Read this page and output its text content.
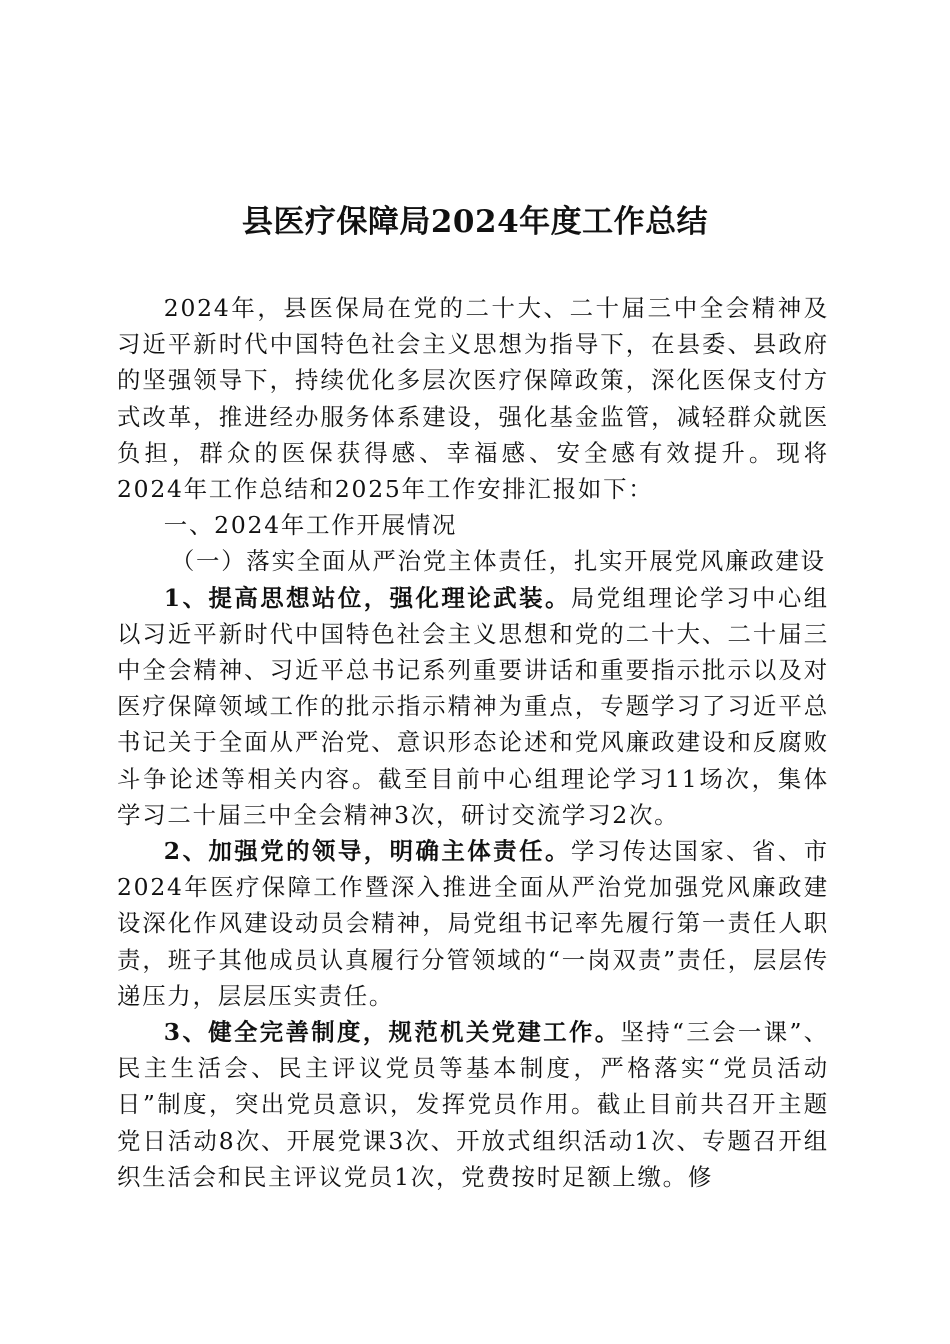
县医疗保障局2024年度工作总结

2024年，县医保局在党的二十大、二十届三中全会精神及习近平新时代中国特色社会主义思想为指导下，在县委、县政府的坚强领导下，持续优化多层次医疗保障政策，深化医保支付方式改革，推进经办服务体系建设，强化基金监管，减轻群众就医负担，群众的医保获得感、幸福感、安全感有效提升。现将2024年工作总结和2025年工作安排汇报如下：

一、2024年工作开展情况

（一）落实全面从严治党主体责任，扎实开展党风廉政建设

1、提高思想站位，强化理论武装。局党组理论学习中心组以习近平新时代中国特色社会主义思想和党的二十大、二十届三中全会精神、习近平总书记系列重要讲话和重要指示批示以及对医疗保障领域工作的批示指示精神为重点，专题学习了习近平总书记关于全面从严治党、意识形态论述和党风廉政建设和反腐败斗争论述等相关内容。截至目前中心组理论学习11场次，集体学习二十届三中全会精神3次，研讨交流学习2次。

2、加强党的领导，明确主体责任。学习传达国家、省、市2024年医疗保障工作暨深入推进全面从严治党加强党风廉政建设深化作风建设动员会精神，局党组书记率先履行第一责任人职责，班子其他成员认真履行分管领域的“一岗双责”责任，层层传递压力，层层压实责任。

3、健全完善制度，规范机关党建工作。坚持“三会一课”、民主生活会、民主评议党员等基本制度，严格落实“党员活动日”制度，突出党员意识，发挥党员作用。截止目前共召开主题党日活动8次、开展党课3次、开放式组织活动1次、专题召开组织生活会和民主评议党员1次，党费按时足额上缴。修
